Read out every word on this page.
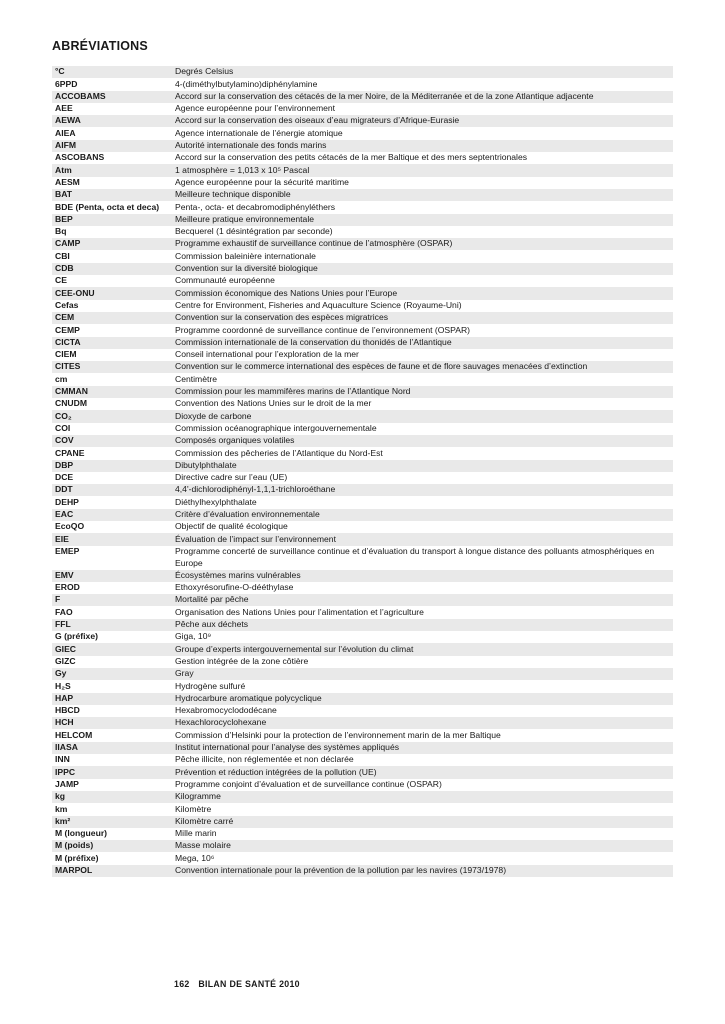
ABRÉVIATIONS
°C	Degrés Celsius
6PPD	4-(diméthylbutylamino)diphénylamine
ACCOBAMS	Accord sur la conservation des cétacés de la mer Noire, de la Méditerranée et de la zone Atlantique adjacente
AEE	Agence européenne pour l’environnement
AEWA	Accord sur la conservation des oiseaux d’eau migrateurs d’Afrique-Eurasie
AIEA	Agence internationale de l’énergie atomique
AIFM	Autorité internationale des fonds marins
ASCOBANS	Accord sur la conservation des petits cétacés de la mer Baltique et des mers septentrionales
Atm	1 atmosphère = 1,013 x 10⁵ Pascal
AESM	Agence européenne pour la sécurité maritime
BAT	Meilleure technique disponible
BDE (Penta, octa et deca)	Penta-, octa- et decabromodiphényléthers
BEP	Meilleure pratique environnementale
Bq	Becquerel (1 désintégration par seconde)
CAMP	Programme exhaustif de surveillance continue de l’atmosphère (OSPAR)
CBI	Commission baleinière internationale
CDB	Convention sur la diversité biologique
CE	Communauté européenne
CEE-ONU	Commission économique des Nations Unies pour l’Europe
Cefas	Centre for Environment, Fisheries and Aquaculture Science (Royaume-Uni)
CEM	Convention sur la conservation des espèces migratrices
CEMP	Programme coordonné de surveillance continue de l’environnement (OSPAR)
CICTA	Commission internationale de la conservation du thonidés de l’Atlantique
CIEM	Conseil international pour l’exploration de la mer
CITES	Convention sur le commerce international des espèces de faune et de flore sauvages menacées d’extinction
cm	Centimètre
CMMAN	Commission pour les mammifères marins de l’Atlantique Nord
CNUDM	Convention des Nations Unies sur le droit de la mer
CO₂	Dioxyde de carbone
COI	Commission océanographique intergouvernementale
COV	Composés organiques volatiles
CPANE	Commission des pêcheries de l’Atlantique du Nord-Est
DBP	Dibutylphthalate
DCE	Directive cadre sur l’eau (UE)
DDT	4,4'-dichlorodiphényl-1,1,1-trichloroéthane
DEHP	Diéthylhexylphthalate
EAC	Critère d’évaluation environnementale
EcoQO	Objectif de qualité écologique
EIE	Évaluation de l’impact sur l’environnement
EMEP	Programme concerté de surveillance continue et d’évaluation du transport à longue distance des polluants atmosphériques en Europe
EMV	Écosystèmes marins vulnérables
EROD	Ethoxyrésorufine-O-dééthylase
F	Mortalité par pêche
FAO	Organisation des Nations Unies pour l’alimentation et l’agriculture
FFL	Pêche aux déchets
G (préfixe)	Giga, 10⁹
GIEC	Groupe d’experts intergouvernemental sur l’évolution du climat
GIZC	Gestion intégrée de la zone côtière
Gy	Gray
H₂S	Hydrogène sulfuré
HAP	Hydrocarbure aromatique polycyclique
HBCD	Hexabromocyclododécane
HCH	Hexachlorocyclohexane
HELCOM	Commission d’Helsinki pour la protection de l’environnement marin de la mer Baltique
IIASA	Institut international pour l’analyse des systèmes appliqués
INN	Pêche illicite, non réglementée et non déclarée
IPPC	Prévention et réduction intégrées de la pollution (UE)
JAMP	Programme conjoint d’évaluation et de surveillance continue (OSPAR)
kg	Kilogramme
km	Kilomètre
km²	Kilomètre carré
M (longueur)	Mille marin
M (poids)	Masse molaire
M (préfixe)	Mega, 10⁶
MARPOL	Convention internationale pour la prévention de la pollution par les navires (1973/1978)
162 BILAN DE SANTÉ 2010
